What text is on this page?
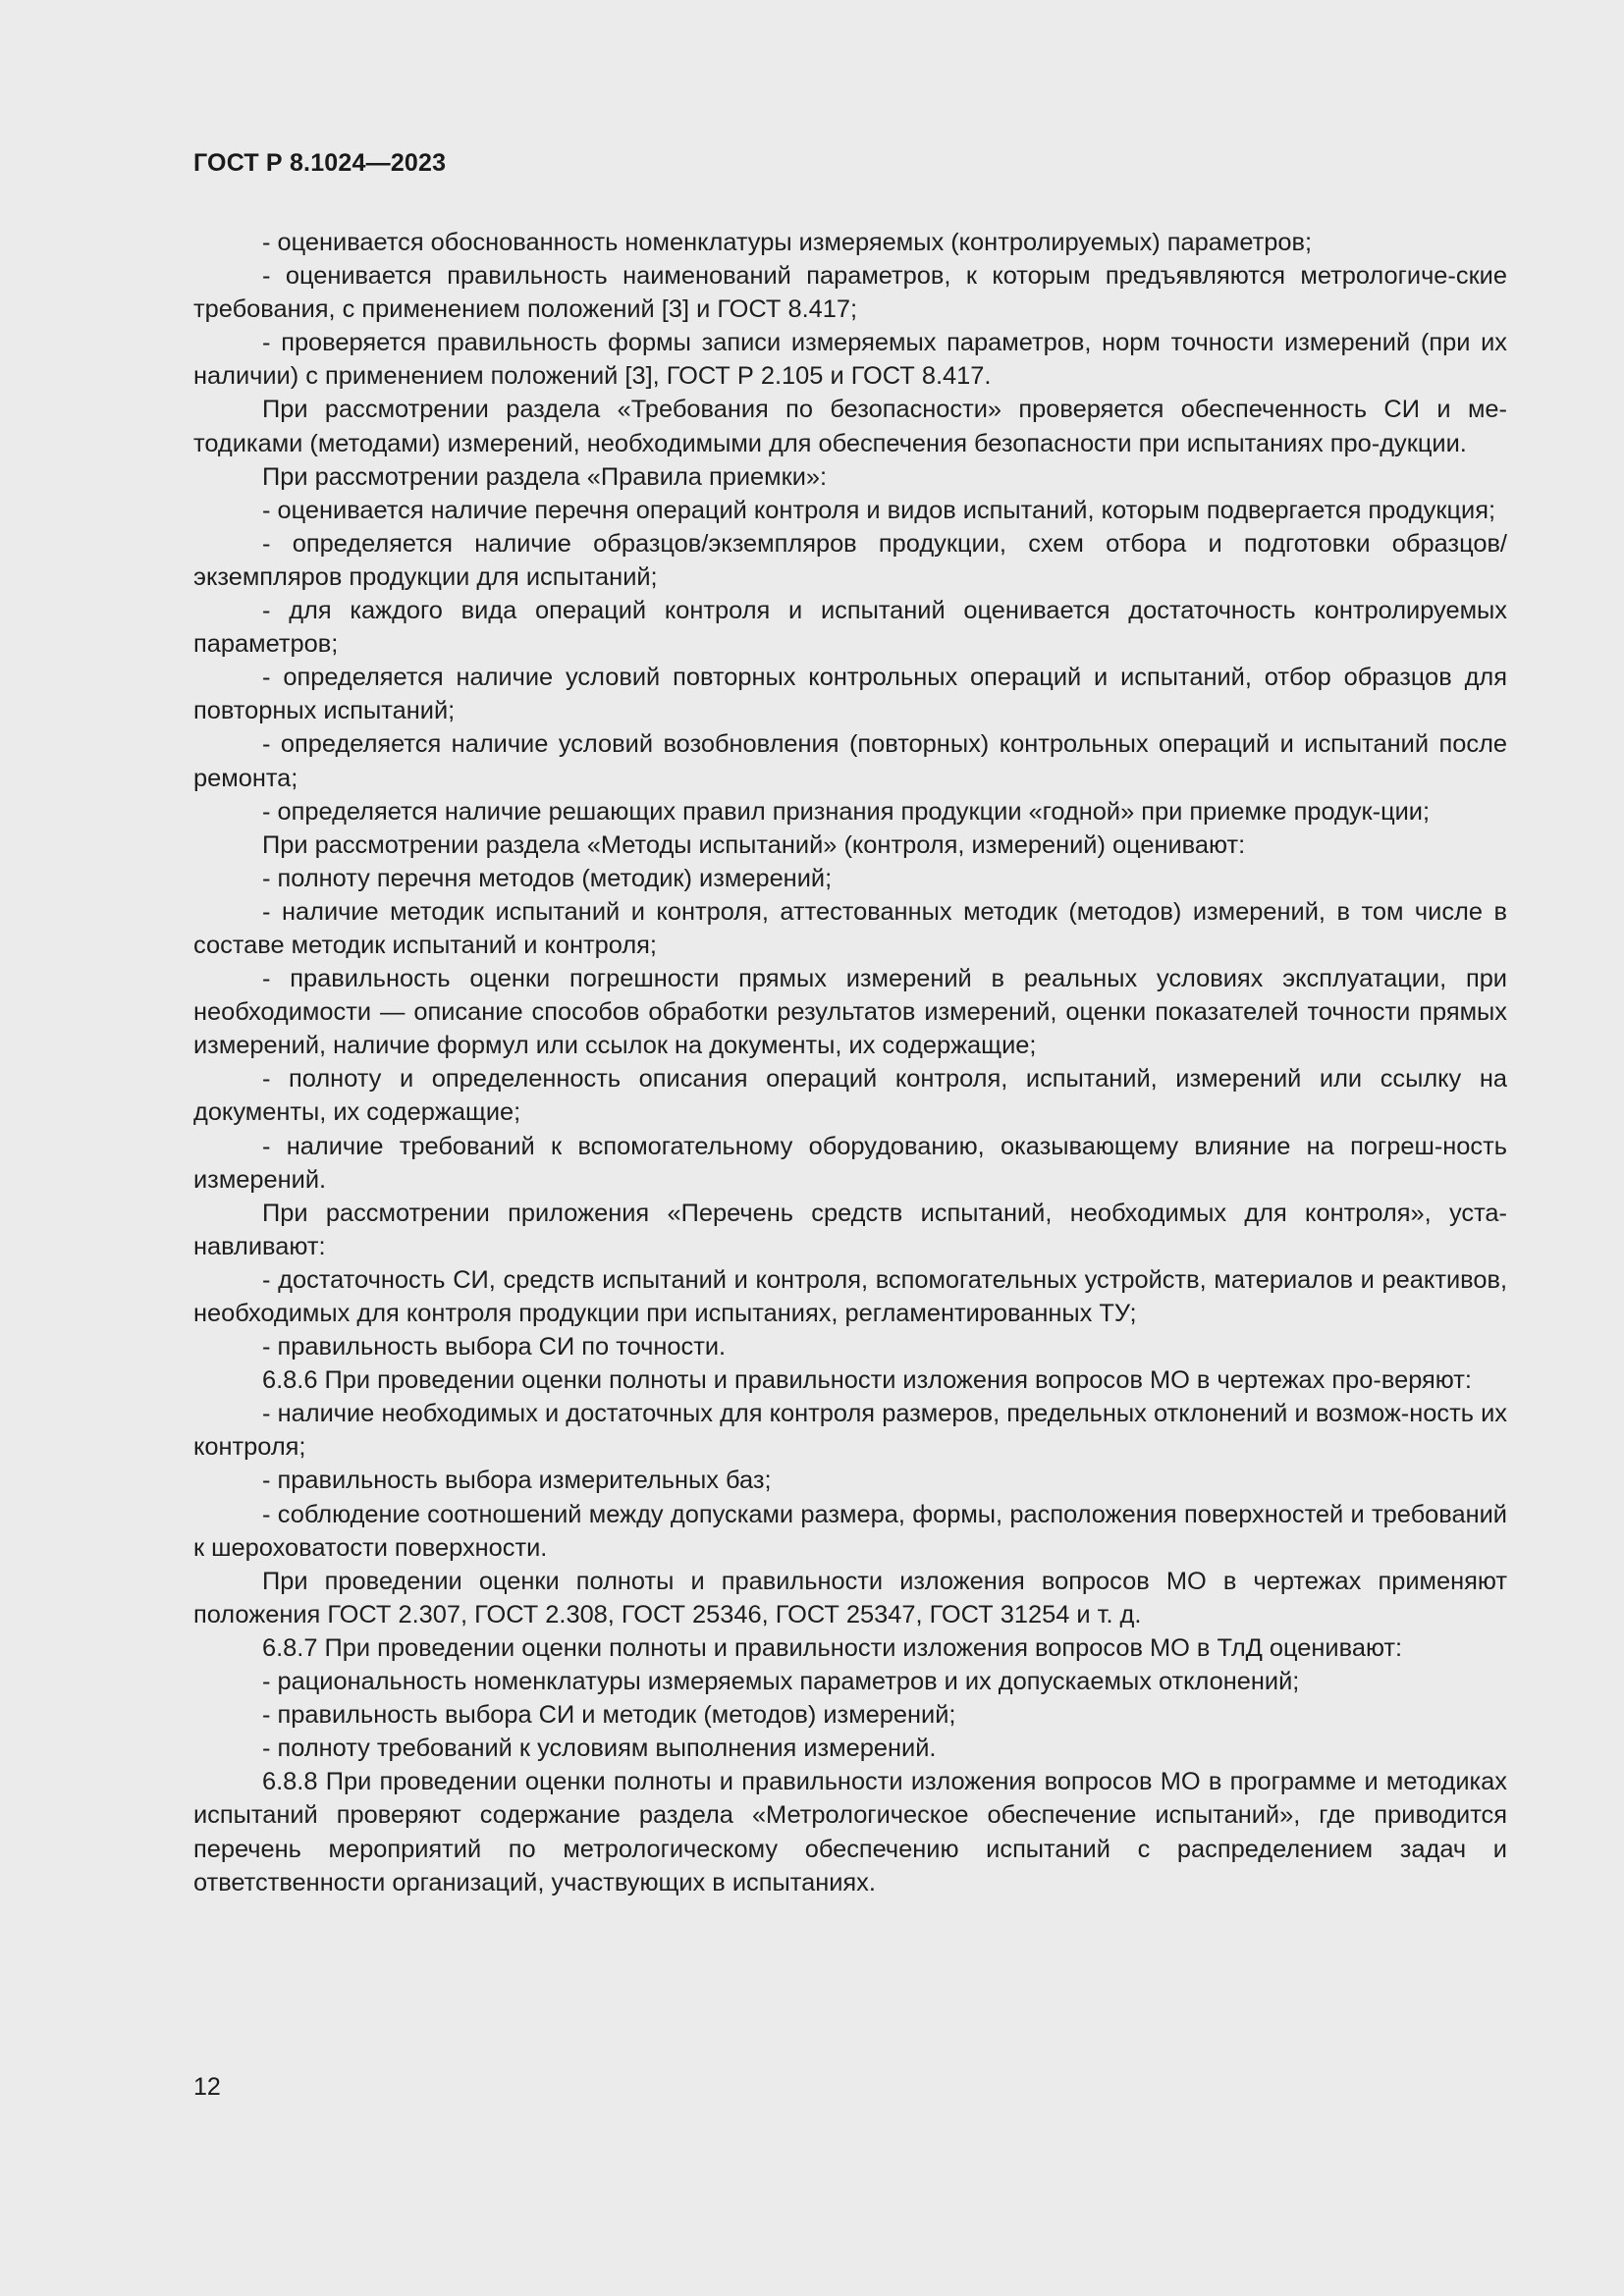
ГОСТ Р 8.1024—2023

- оценивается обоснованность номенклатуры измеряемых (контролируемых) параметров;

- оценивается правильность наименований параметров, к которым предъявляются метрологиче-ские требования, с применением положений [3] и ГОСТ 8.417;

- проверяется правильность формы записи измеряемых параметров, норм точности измерений (при их наличии) с применением положений [3], ГОСТ Р 2.105 и ГОСТ 8.417.

При рассмотрении раздела «Требования по безопасности» проверяется обеспеченность СИ и ме-тодиками (методами) измерений, необходимыми для обеспечения безопасности при испытаниях про-дукции.

При рассмотрении раздела «Правила приемки»:

- оценивается наличие перечня операций контроля и видов испытаний, которым подвергается продукция;

- определяется наличие образцов/экземпляров продукции, схем отбора и подготовки образцов/ экземпляров продукции для испытаний;

- для каждого вида операций контроля и испытаний оценивается достаточность контролируемых параметров;

- определяется наличие условий повторных контрольных операций и испытаний, отбор образцов для повторных испытаний;

- определяется наличие условий возобновления (повторных) контрольных операций и испытаний после ремонта;

- определяется наличие решающих правил признания продукции «годной» при приемке продук-ции;

При рассмотрении раздела «Методы испытаний» (контроля, измерений) оценивают:

- полноту перечня методов (методик) измерений;

- наличие методик испытаний и контроля, аттестованных методик (методов) измерений, в том числе в составе методик испытаний и контроля;

- правильность оценки погрешности прямых измерений в реальных условиях эксплуатации, при необходимости — описание способов обработки результатов измерений, оценки показателей точности прямых измерений, наличие формул или ссылок на документы, их содержащие;

- полноту и определенность описания операций контроля, испытаний, измерений или ссылку на документы, их содержащие;

- наличие требований к вспомогательному оборудованию, оказывающему влияние на погреш-ность измерений.

При рассмотрении приложения «Перечень средств испытаний, необходимых для контроля», уста-навливают:

- достаточность СИ, средств испытаний и контроля, вспомогательных устройств, материалов и реактивов, необходимых для контроля продукции при испытаниях, регламентированных ТУ;

- правильность выбора СИ по точности.

6.8.6 При проведении оценки полноты и правильности изложения вопросов МО в чертежах про-веряют:

- наличие необходимых и достаточных для контроля размеров, предельных отклонений и возмож-ность их контроля;

- правильность выбора измерительных баз;

- соблюдение соотношений между допусками размера, формы, расположения поверхностей и требований к шероховатости поверхности.

При проведении оценки полноты и правильности изложения вопросов МО в чертежах применяют положения ГОСТ 2.307, ГОСТ 2.308, ГОСТ 25346, ГОСТ 25347, ГОСТ 31254 и т. д.

6.8.7 При проведении оценки полноты и правильности изложения вопросов МО в ТлД оценивают:

- рациональность номенклатуры измеряемых параметров и их допускаемых отклонений;

- правильность выбора СИ и методик (методов) измерений;

- полноту требований к условиям выполнения измерений.

6.8.8 При проведении оценки полноты и правильности изложения вопросов МО в программе и методиках испытаний проверяют содержание раздела «Метрологическое обеспечение испытаний», где приводится перечень мероприятий по метрологическому обеспечению испытаний с распределением задач и ответственности организаций, участвующих в испытаниях.

12
